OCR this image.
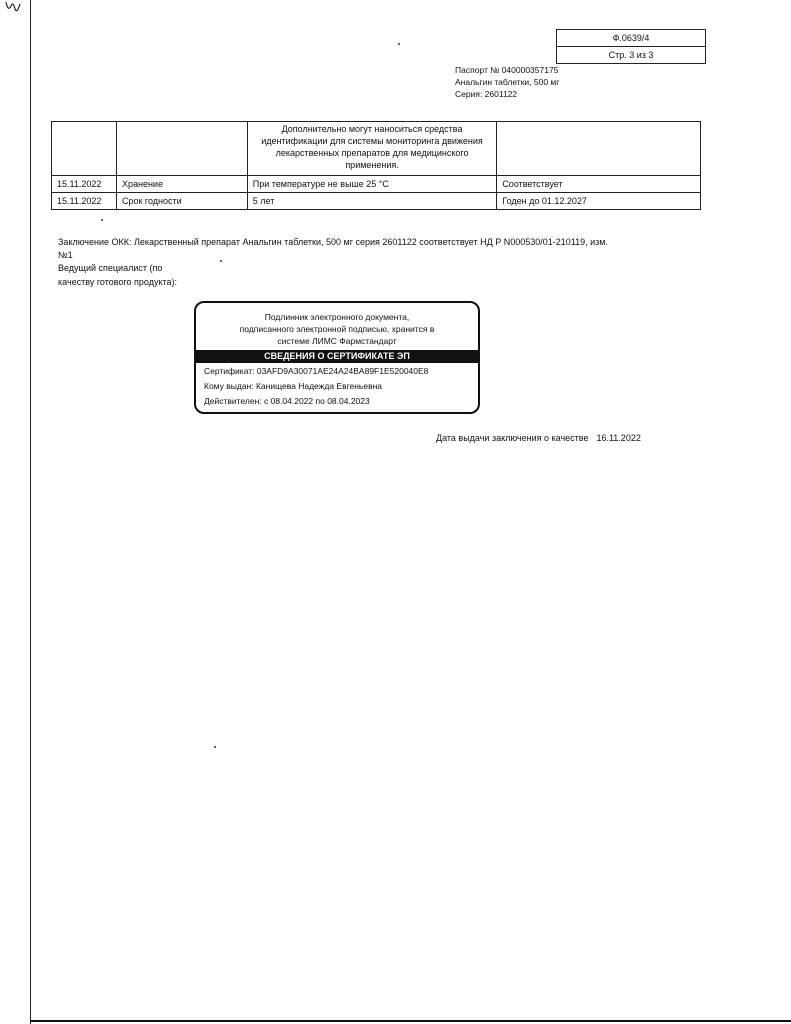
Ф.0639/4
Стр. 3 из 3
Паспорт № 040000357175
Анальгин таблетки, 500 мг
Серия: 2601122
		Дополнительно могут наноситься средства идентификации для системы мониторинга движения лекарственных препаратов для медицинского применения.	
15.11.2022	Хранение	При температуре не выше 25 °С	Соответствует
15.11.2022	Срок годности	5 лет	Годен до 01.12.2027
Заключение ОКК: Лекарственный препарат Анальгин таблетки, 500 мг серия 2601122 соответствует НД Р N000530/01-210119, изм.№1
Ведущий специалист (по качеству готового продукта):
Подлинник электронного документа,
подписанного электронной подписью, хранится в
системе ЛИМС Фармстандарт
СВЕДЕНИЯ О СЕРТИФИКАТЕ ЭП
Сертификат: 03AFD9A30071AE24A24BA89F1E520040E8
Кому выдан: Канищева Надежда Евгеньевна
Действителен: с 08.04.2022 по 08.04.2023
Дата выдачи заключения о качестве 16.11.2022
